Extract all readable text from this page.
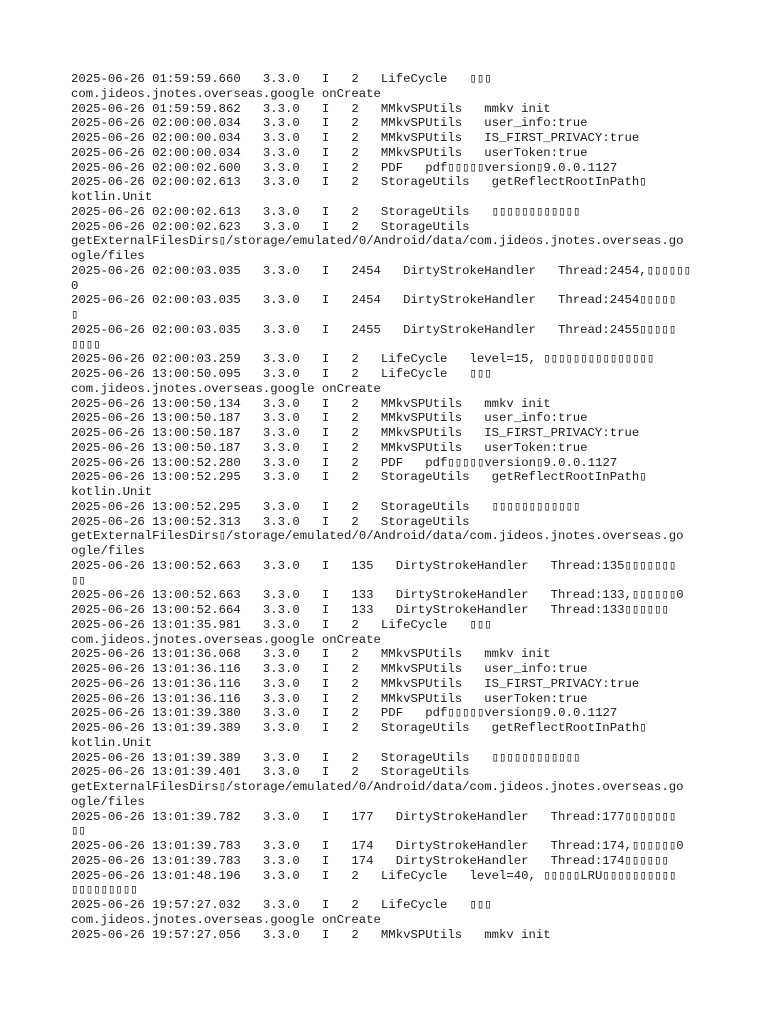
2025-06-26 01:59:59.660   3.3.0   I   2   LifeCycle   ▯▯▯
com.jideos.jnotes.overseas.google onCreate
2025-06-26 01:59:59.862   3.3.0   I   2   MMkvSPUtils   mmkv init
2025-06-26 02:00:00.034   3.3.0   I   2   MMkvSPUtils   user_info:true
2025-06-26 02:00:00.034   3.3.0   I   2   MMkvSPUtils   IS_FIRST_PRIVACY:true
2025-06-26 02:00:00.034   3.3.0   I   2   MMkvSPUtils   userToken:true
2025-06-26 02:00:02.600   3.3.0   I   2   PDF   pdf▯▯▯▯▯version▯9.0.0.1127
2025-06-26 02:00:02.613   3.3.0   I   2   StorageUtils   getReflectRootInPath▯
kotlin.Unit
2025-06-26 02:00:02.613   3.3.0   I   2   StorageUtils   ▯▯▯▯▯▯▯▯▯▯▯▯
2025-06-26 02:00:02.623   3.3.0   I   2   StorageUtils
getExternalFilesDirs▯/storage/emulated/0/Android/data/com.jideos.jnotes.overseas.go
ogle/files
2025-06-26 02:00:03.035   3.3.0   I   2454   DirtyStrokeHandler   Thread:2454,▯▯▯▯▯▯
0
2025-06-26 02:00:03.035   3.3.0   I   2454   DirtyStrokeHandler   Thread:2454▯▯▯▯▯
▯
2025-06-26 02:00:03.035   3.3.0   I   2455   DirtyStrokeHandler   Thread:2455▯▯▯▯▯
▯▯▯▯
2025-06-26 02:00:03.259   3.3.0   I   2   LifeCycle   level=15, ▯▯▯▯▯▯▯▯▯▯▯▯▯▯▯
2025-06-26 13:00:50.095   3.3.0   I   2   LifeCycle   ▯▯▯
com.jideos.jnotes.overseas.google onCreate
2025-06-26 13:00:50.134   3.3.0   I   2   MMkvSPUtils   mmkv init
2025-06-26 13:00:50.187   3.3.0   I   2   MMkvSPUtils   user_info:true
2025-06-26 13:00:50.187   3.3.0   I   2   MMkvSPUtils   IS_FIRST_PRIVACY:true
2025-06-26 13:00:50.187   3.3.0   I   2   MMkvSPUtils   userToken:true
2025-06-26 13:00:52.280   3.3.0   I   2   PDF   pdf▯▯▯▯▯version▯9.0.0.1127
2025-06-26 13:00:52.295   3.3.0   I   2   StorageUtils   getReflectRootInPath▯
kotlin.Unit
2025-06-26 13:00:52.295   3.3.0   I   2   StorageUtils   ▯▯▯▯▯▯▯▯▯▯▯▯
2025-06-26 13:00:52.313   3.3.0   I   2   StorageUtils
getExternalFilesDirs▯/storage/emulated/0/Android/data/com.jideos.jnotes.overseas.go
ogle/files
2025-06-26 13:00:52.663   3.3.0   I   135   DirtyStrokeHandler   Thread:135▯▯▯▯▯▯▯
▯▯
2025-06-26 13:00:52.663   3.3.0   I   133   DirtyStrokeHandler   Thread:133,▯▯▯▯▯▯0
2025-06-26 13:00:52.664   3.3.0   I   133   DirtyStrokeHandler   Thread:133▯▯▯▯▯▯
2025-06-26 13:01:35.981   3.3.0   I   2   LifeCycle   ▯▯▯
com.jideos.jnotes.overseas.google onCreate
2025-06-26 13:01:36.068   3.3.0   I   2   MMkvSPUtils   mmkv init
2025-06-26 13:01:36.116   3.3.0   I   2   MMkvSPUtils   user_info:true
2025-06-26 13:01:36.116   3.3.0   I   2   MMkvSPUtils   IS_FIRST_PRIVACY:true
2025-06-26 13:01:36.116   3.3.0   I   2   MMkvSPUtils   userToken:true
2025-06-26 13:01:39.380   3.3.0   I   2   PDF   pdf▯▯▯▯▯version▯9.0.0.1127
2025-06-26 13:01:39.389   3.3.0   I   2   StorageUtils   getReflectRootInPath▯
kotlin.Unit
2025-06-26 13:01:39.389   3.3.0   I   2   StorageUtils   ▯▯▯▯▯▯▯▯▯▯▯▯
2025-06-26 13:01:39.401   3.3.0   I   2   StorageUtils
getExternalFilesDirs▯/storage/emulated/0/Android/data/com.jideos.jnotes.overseas.go
ogle/files
2025-06-26 13:01:39.782   3.3.0   I   177   DirtyStrokeHandler   Thread:177▯▯▯▯▯▯▯
▯▯
2025-06-26 13:01:39.783   3.3.0   I   174   DirtyStrokeHandler   Thread:174,▯▯▯▯▯▯0
2025-06-26 13:01:39.783   3.3.0   I   174   DirtyStrokeHandler   Thread:174▯▯▯▯▯▯
2025-06-26 13:01:48.196   3.3.0   I   2   LifeCycle   level=40, ▯▯▯▯▯LRU▯▯▯▯▯▯▯▯▯▯
▯▯▯▯▯▯▯▯▯
2025-06-26 19:57:27.032   3.3.0   I   2   LifeCycle   ▯▯▯
com.jideos.jnotes.overseas.google onCreate
2025-06-26 19:57:27.056   3.3.0   I   2   MMkvSPUtils   mmkv init
